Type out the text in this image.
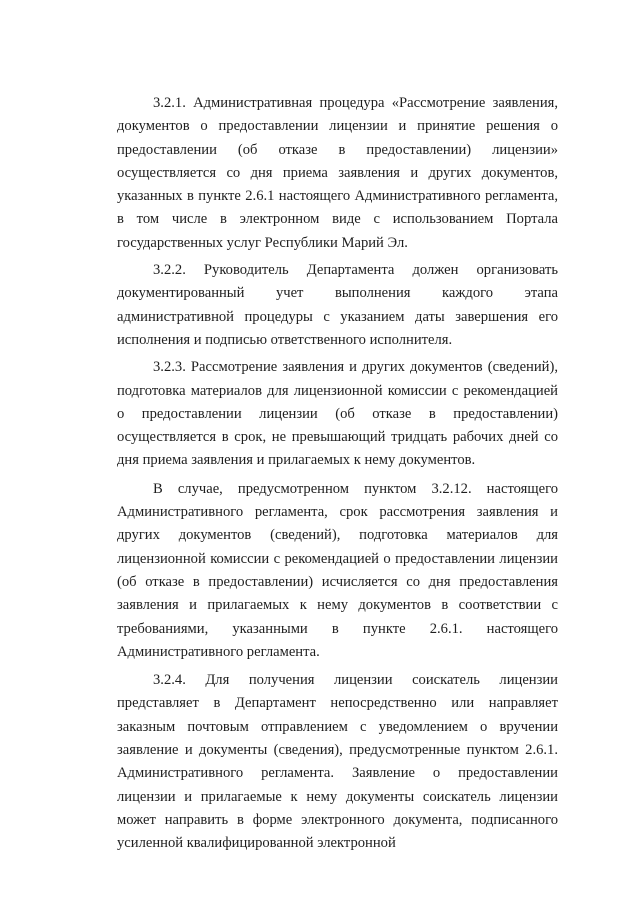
3.2.1. Административная процедура «Рассмотрение заявления, документов о предоставлении лицензии и принятие решения о предоставлении (об отказе в предоставлении) лицензии» осуществляется со дня приема заявления и других документов, указанных в пункте 2.6.1 настоящего Административного регламента, в том числе в электронном виде с использованием Портала государственных услуг Республики Марий Эл.

3.2.2. Руководитель Департамента должен организовать документированный учет выполнения каждого этапа административной процедуры с указанием даты завершения его исполнения и подписью ответственного исполнителя.

3.2.3. Рассмотрение заявления и других документов (сведений), подготовка материалов для лицензионной комиссии с рекомендацией о предоставлении лицензии (об отказе в предоставлении) осуществляется в срок, не превышающий тридцать рабочих дней со дня приема заявления и прилагаемых к нему документов.

В случае, предусмотренном пунктом 3.2.12. настоящего Административного регламента, срок рассмотрения заявления и других документов (сведений), подготовка материалов для лицензионной комиссии с рекомендацией о предоставлении лицензии (об отказе в предоставлении) исчисляется со дня предоставления заявления и прилагаемых к нему документов в соответствии с требованиями, указанными в пункте 2.6.1. настоящего Административного регламента.

3.2.4. Для получения лицензии соискатель лицензии представляет в Департамент непосредственно или направляет заказным почтовым отправлением с уведомлением о вручении заявление и документы (сведения), предусмотренные пунктом 2.6.1. Административного регламента. Заявление о предоставлении лицензии и прилагаемые к нему документы соискатель лицензии может направить в форме электронного документа, подписанного усиленной квалифицированной электронной
